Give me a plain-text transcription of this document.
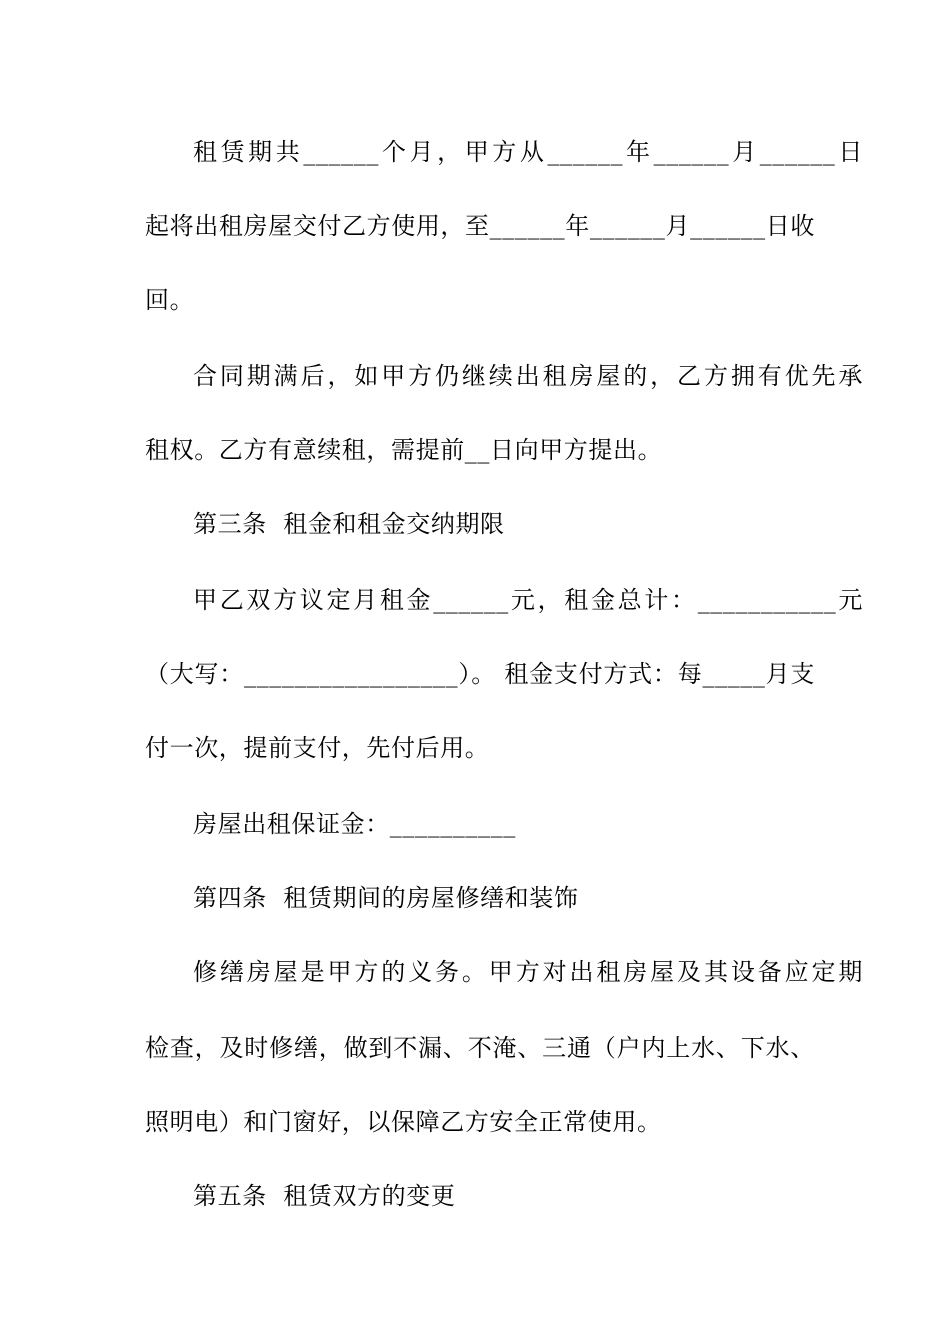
租赁期共______个月，甲方从______年______月______日
起将出租房屋交付乙方使用，至______年______月______日收
回。
合同期满后，如甲方仍继续出租房屋的，乙方拥有优先承
租权。乙方有意续租，需提前__日向甲方提出。
第三条  租金和租金交纳期限
甲乙双方议定月租金______元，租金总计：___________元
（大写：_________________）。 租金支付方式：每_____月支
付一次，提前支付，先付后用。
房屋出租保证金：__________
第四条  租赁期间的房屋修缮和装饰
修缮房屋是甲方的义务。甲方对出租房屋及其设备应定期
检查，及时修缮，做到不漏、不淹、三通（户内上水、下水、
照明电）和门窗好，以保障乙方安全正常使用。
第五条  租赁双方的变更
